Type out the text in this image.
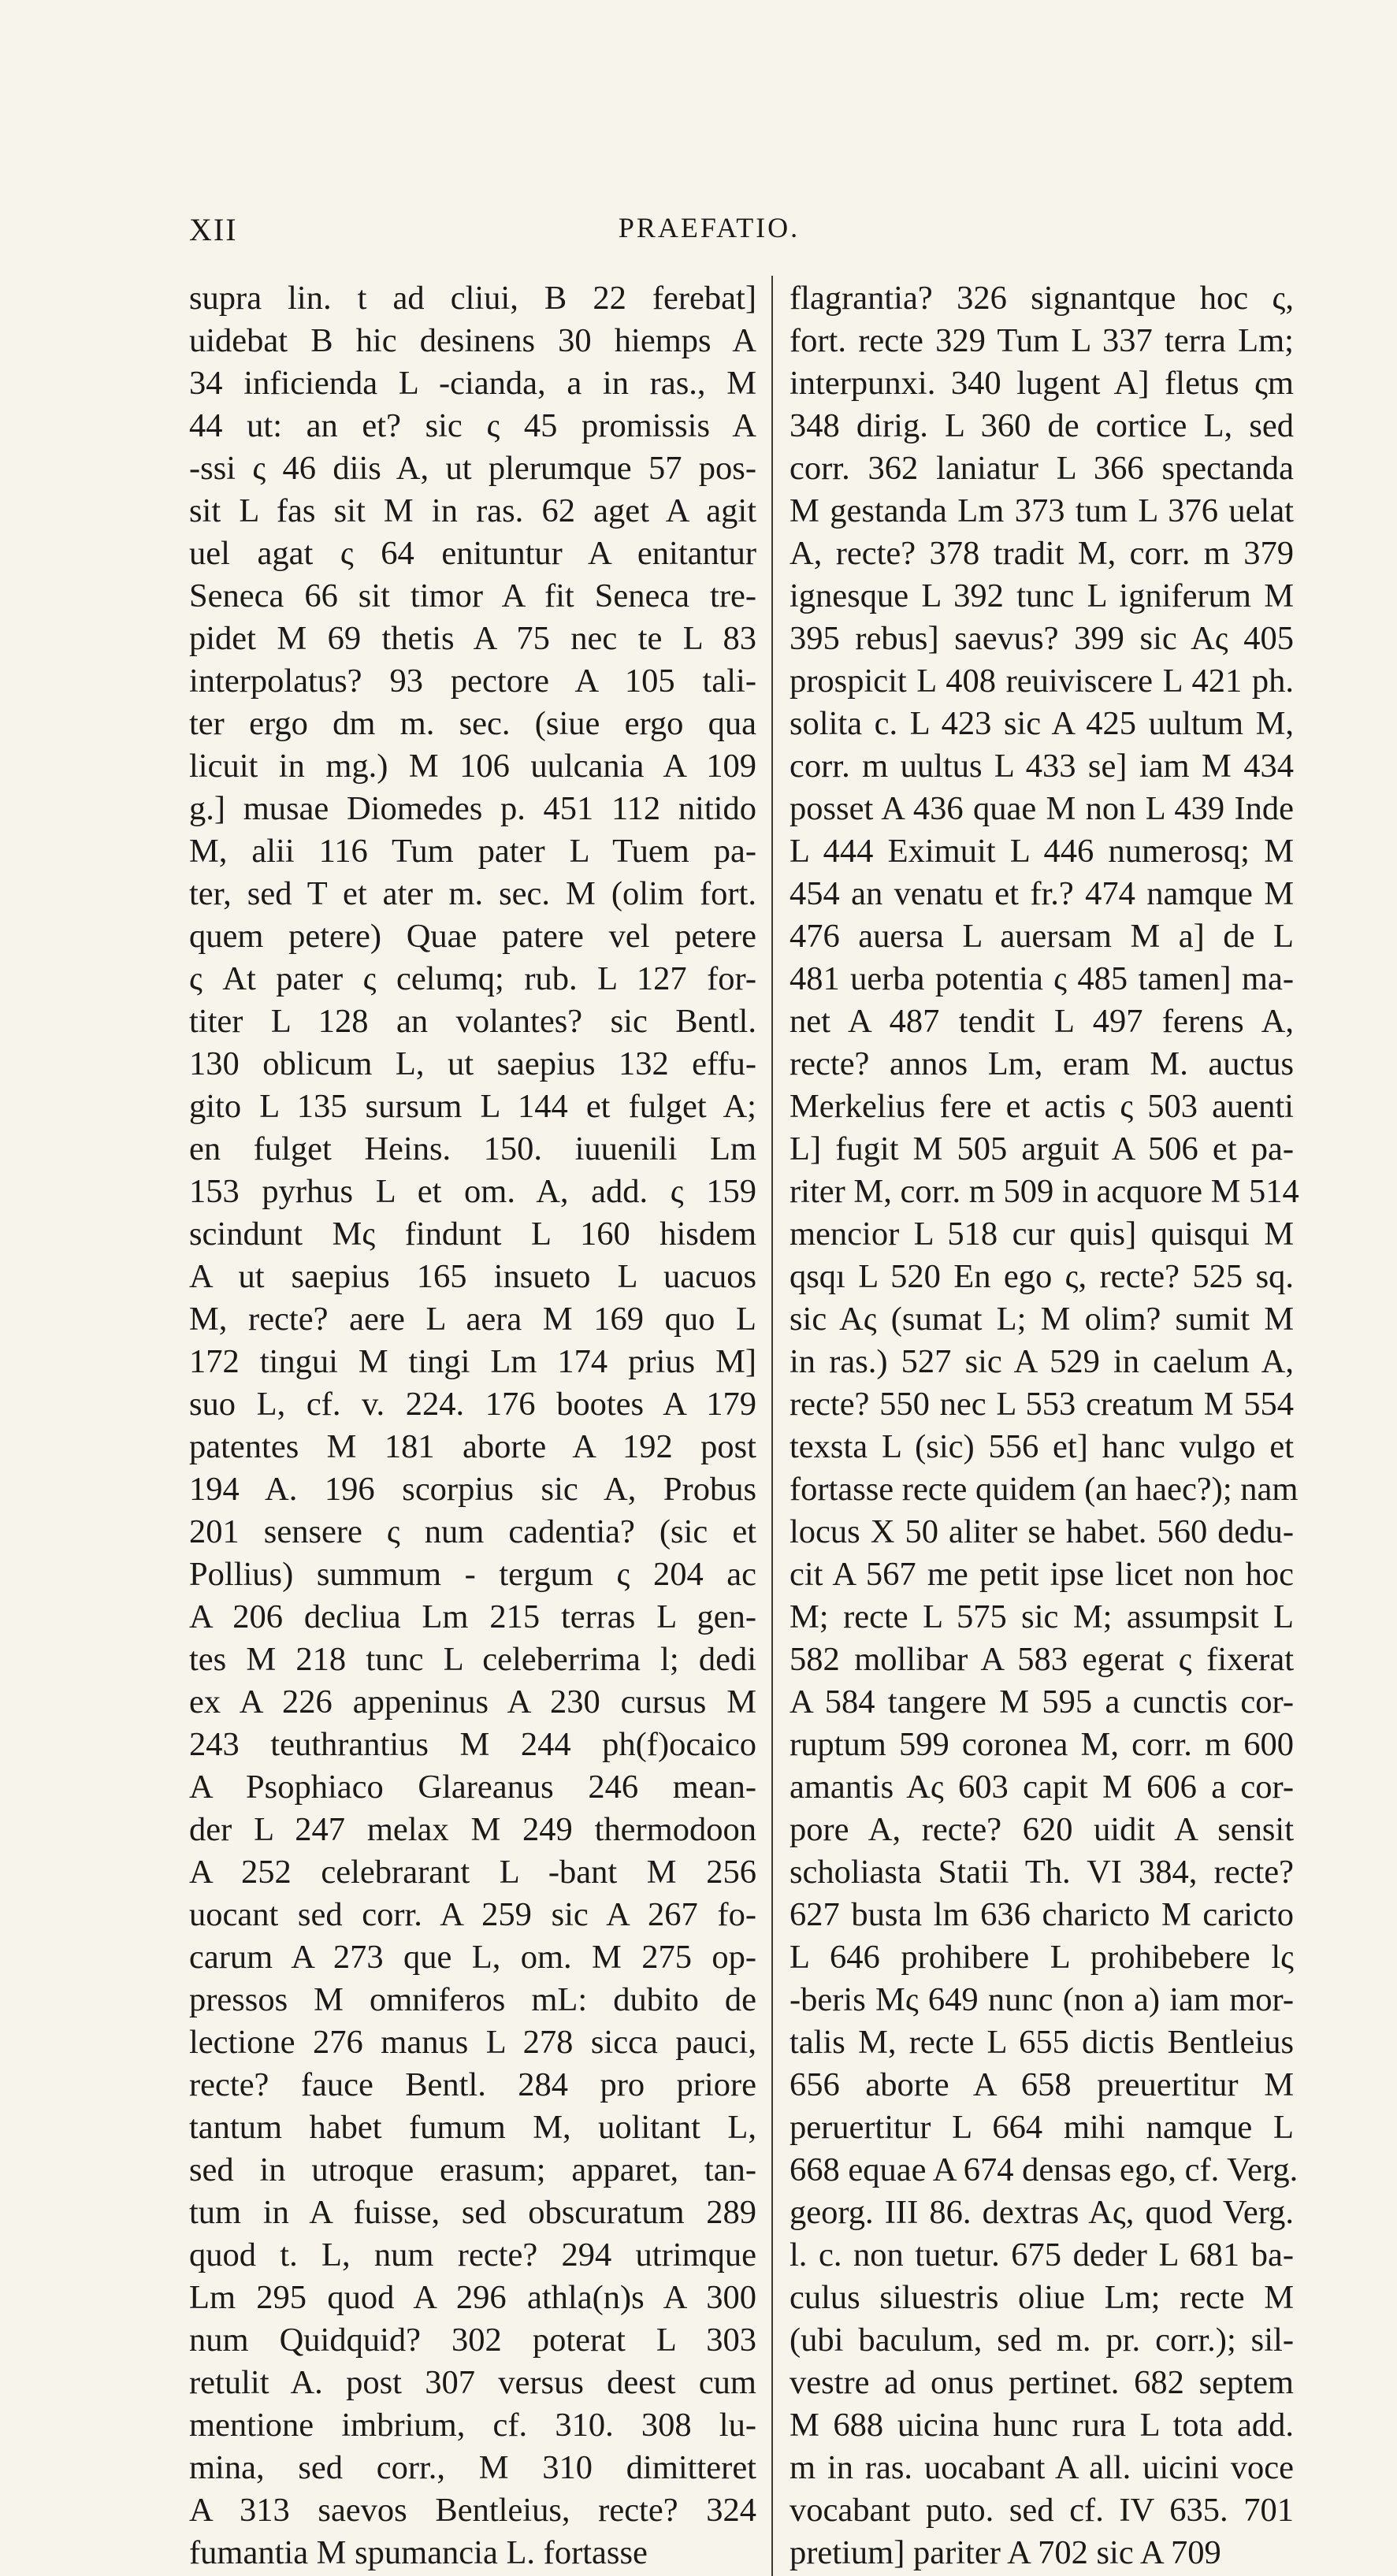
XII	PRAEFATIO.
supra lin. t ad cliui, B 22 ferebat]
uidebat B hic desinens 30 hiemps A
34 inficienda L -cianda, a in ras., M
44 ut: an et? sic ς 45 promissis A
-ssi ς 46 diis A, ut plerumque 57 pos-
sit L fas sit M in ras. 62 aget A agit
uel agat ς 64 enituntur A enitantur
Seneca 66 sit timor A fit Seneca tre-
pidet M 69 thetis A 75 nec te L 83
interpolatus? 93 pectore A 105 tali-
ter ergo dm m. sec. (siue ergo qua
licuit in mg.) M 106 uulcania A 109
g.] musae Diomedes p. 451 112 nitido
M, alii 116 Tum pater L Tuem pa-
ter, sed T et ater m. sec. M (olim fort.
quem petere) Quae patere vel petere
ς At pater ς celumq; rub. L 127 for-
titer L 128 an volantes? sic Bentl.
130 oblicum L, ut saepius 132 effu-
gito L 135 sursum L 144 et fulget A;
en fulget Heins. 150. iuuenili Lm
153 pyrhus L et om. A, add. ς 159
scindunt Mς findunt L 160 hisdem
A ut saepius 165 insueto L uacuos
M, recte? aere L aera M 169 quo L
172 tingui M tingi Lm 174 prius M]
suo L, cf. v. 224. 176 bootes A 179
patentes M 181 aborte A 192 post
194 A. 196 scorpius sic A, Probus
201 sensere ς num cadentia? (sic et
Pollius) summum - tergum ς 204 ac
A 206 decliua Lm 215 terras L gen-
tes M 218 tunc L celeberrima l; dedi
ex A 226 appeninus A 230 cursus M
243 teuthrantius M 244 ph(f)ocaico
A Psophiaco Glareanus 246 mean-
der L 247 melax M 249 thermodoon
A 252 celebrarant L -bant M 256
uocant sed corr. A 259 sic A 267 fo-
carum A 273 que L, om. M 275 op-
pressos M omniferos mL: dubito de
lectione 276 manus L 278 sicca pauci,
recte? fauce Bentl. 284 pro priore
tantum habet fumum M, uolitant L,
sed in utroque erasum; apparet, tan-
tum in A fuisse, sed obscuratum 289
quod t. L, num recte? 294 utrimque
Lm 295 quod A 296 athla(n)s A 300
num Quidquid? 302 poterat L 303
retulit A. post 307 versus deest cum
mentione imbrium, cf. 310. 308 lu-
mina, sed corr., M 310 dimitteret
A 313 saevos Bentleius, recte? 324
fumantia M spumancia L. fortasse
flagrantia? 326 signantque hoc ς,
fort. recte 329 Tum L 337 terra Lm;
interpunxi. 340 lugent A] fletus ςm
348 dirig. L 360 de cortice L, sed
corr. 362 laniatur L 366 spectanda
M gestanda Lm 373 tum L 376 uelat
A, recte? 378 tradit M, corr. m 379
ignesque L 392 tunc L igniferum M
395 rebus] saevus? 399 sic Aς 405
prospicit L 408 reuiviscere L 421 ph.
solita c. L 423 sic A 425 uultum M,
corr. m uultus L 433 se] iam M 434
posset A 436 quae M non L 439 Inde
L 444 Eximuit L 446 numerosq; M
454 an venatu et fr.? 474 namque M
476 auersa L auersam M a] de L
481 uerba potentia ς 485 tamen] ma-
net A 487 tendit L 497 ferens A,
recte? annos Lm, eram M. auctus
Merkelius fere et actis ς 503 auenti
L] fugit M 505 arguit A 506 et pa-
riter M, corr. m 509 in acquore M 514
mencior L 518 cur quis] quisqui M
qsqı L 520 En ego ς, recte? 525 sq.
sic Aς (sumat L; M olim? sumit M
in ras.) 527 sic A 529 in caelum A,
recte? 550 nec L 553 creatum M 554
texsta L (sic) 556 et] hanc vulgo et
fortasse recte quidem (an haec?); nam
locus X 50 aliter se habet. 560 dedu-
cit A 567 me petit ipse licet non hoc
M; recte L 575 sic M; assumpsit L
582 mollibar A 583 egerat ς fixerat
A 584 tangere M 595 a cunctis cor-
ruptum 599 coronea M, corr. m 600
amantis Aς 603 capit M 606 a cor-
pore A, recte? 620 uidit A sensit
scholiasta Statii Th. VI 384, recte?
627 busta lm 636 charicto M caricto
L 646 prohibere L prohibebere lς
-beris Mς 649 nunc (non a) iam mor-
talis M, recte L 655 dictis Bentleius
656 aborte A 658 preuertitur M
peruertitur L 664 mihi namque L
668 equae A 674 densas ego, cf. Verg.
georg. III 86. dextras Aς, quod Verg.
l. c. non tuetur. 675 deder L 681 ba-
culus siluestris oliue Lm; recte M
(ubi baculum, sed m. pr. corr.); sil-
vestre ad onus pertinet. 682 septem
M 688 uicina hunc rura L tota add.
m in ras. uocabant A all. uicini voce
vocabant puto. sed cf. IV 635. 701
pretium] pariter A 702 sic A 709
